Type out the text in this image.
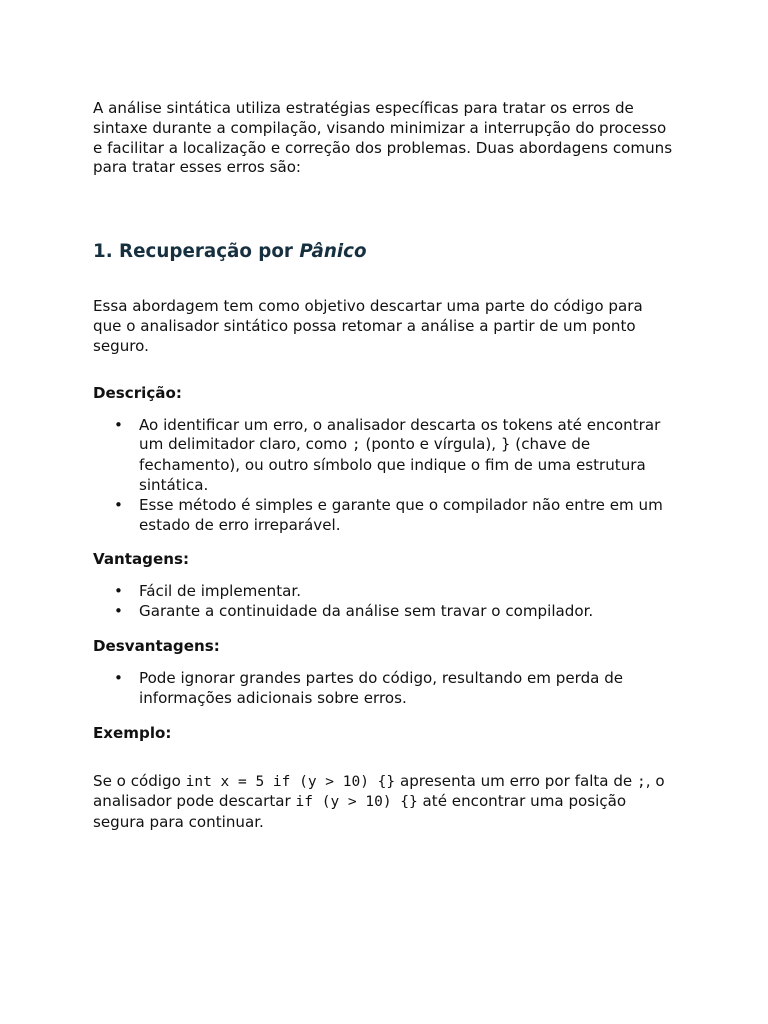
A análise sintática utiliza estratégias específicas para tratar os erros de sintaxe durante a compilação, visando minimizar a interrupção do processo e facilitar a localização e correção dos problemas. Duas abordagens comuns para tratar esses erros são:

1. Recuperação por Pânico

Essa abordagem tem como objetivo descartar uma parte do código para que o analisador sintático possa retomar a análise a partir de um ponto seguro.

Descrição:

• Ao identificar um erro, o analisador descarta os tokens até encontrar um delimitador claro, como ; (ponto e vírgula), } (chave de fechamento), ou outro símbolo que indique o fim de uma estrutura sintática.
• Esse método é simples e garante que o compilador não entre em um estado de erro irreparável.

Vantagens:

• Fácil de implementar.
• Garante a continuidade da análise sem travar o compilador.

Desvantagens:

• Pode ignorar grandes partes do código, resultando em perda de informações adicionais sobre erros.

Exemplo:

Se o código int x = 5 if (y > 10) {} apresenta um erro por falta de ;, o analisador pode descartar if (y > 10) {} até encontrar uma posição segura para continuar.
